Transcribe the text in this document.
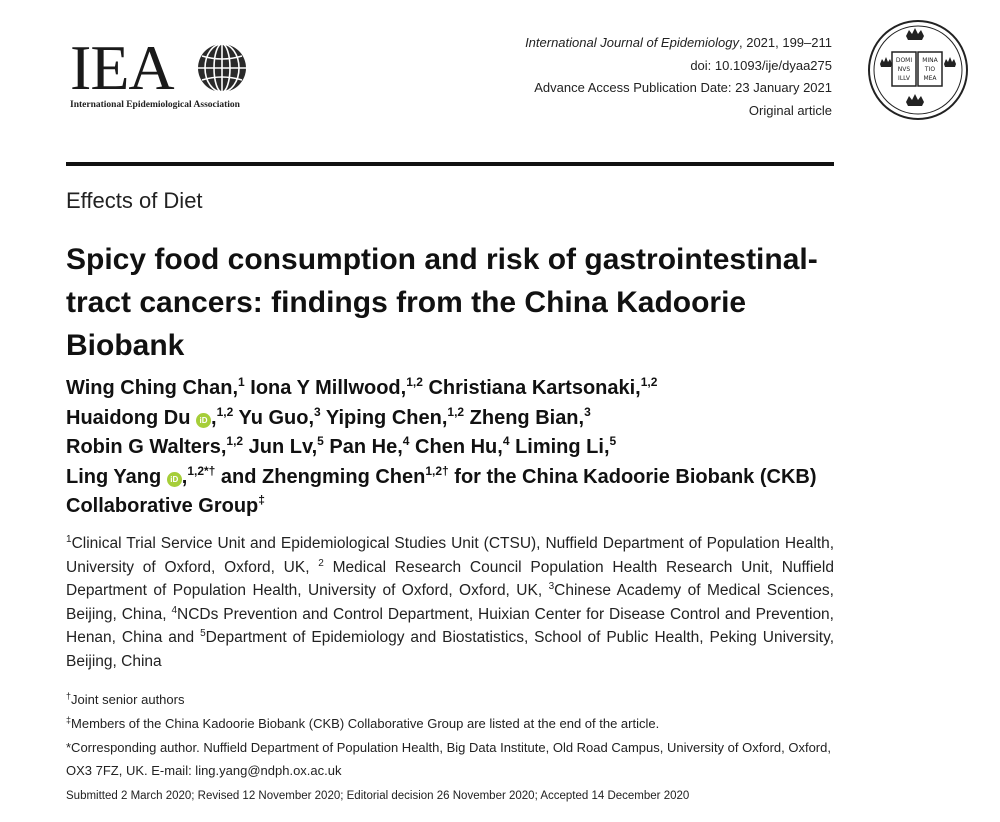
IEA
International Epidemiological Association
International Journal of Epidemiology, 2021, 199–211
doi: 10.1093/ije/dyaa275
Advance Access Publication Date: 23 January 2021
Original article
DOMI
NVS
ILLV
MINA
TIO
MEA
Effects of Diet
Spicy food consumption and risk of gastrointestinal-tract cancers: findings from the China Kadoorie Biobank
Wing Ching Chan,$^1$ Iona Y Millwood,$^{1,2}$ Christiana Kartsonaki,$^{1,2}$
Huaidong Du iD ,$^{1,2}$ Yu Guo,$^3$ Yiping Chen,$^{1,2}$ Zheng Bian,$^3$
Robin G Walters,$^{1,2}$ Jun Lv,$^5$ Pan He,$^4$ Chen Hu,$^4$ Liming Li,$^5$
Ling Yang iD ,$^{1,2*\dagger}$ and Zhengming Chen$^{1,2\dagger}$ for the China Kadoorie Biobank (CKB) Collaborative Group‡
$^1$Clinical Trial Service Unit and Epidemiological Studies Unit (CTSU), Nuffield Department of Population Health, University of Oxford, Oxford, UK, $^2$ Medical Research Council Population Health Research Unit, Nuffield Department of Population Health, University of Oxford, Oxford, UK, $^3$Chinese Academy of Medical Sciences, Beijing, China, $^4$NCDs Prevention and Control Department, Huixian Center for Disease Control and Prevention, Henan, China and $^5$Department of Epidemiology and Biostatistics, School of Public Health, Peking University, Beijing, China
†Joint senior authors
‡Members of the China Kadoorie Biobank (CKB) Collaborative Group are listed at the end of the article.
*Corresponding author. Nuffield Department of Population Health, Big Data Institute, Old Road Campus, University of Oxford, Oxford, OX3 7FZ, UK. E-mail: ling.yang@ndph.ox.ac.uk
Submitted 2 March 2020; Revised 12 November 2020; Editorial decision 26 November 2020; Accepted 14 December 2020
